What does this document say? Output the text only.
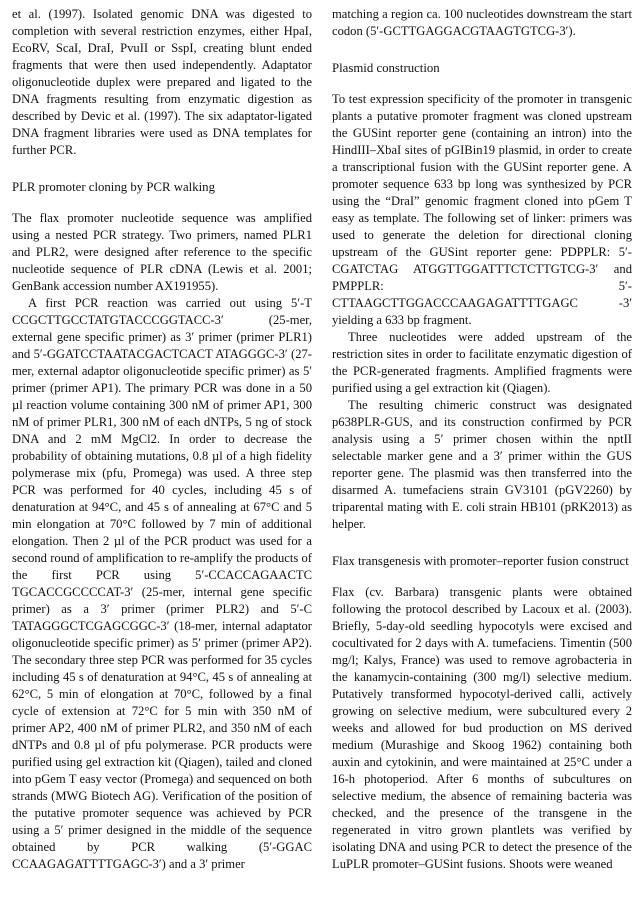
et al. (1997). Isolated genomic DNA was digested to completion with several restriction enzymes, either HpaI, EcoRV, ScaI, DraI, PvuII or SspI, creating blunt ended fragments that were then used independently. Adaptator oligonucleotide duplex were prepared and ligated to the DNA fragments resulting from enzymatic digestion as described by Devic et al. (1997). The six adaptator-ligated DNA fragment libraries were used as DNA templates for further PCR.

PLR promoter cloning by PCR walking

The flax promoter nucleotide sequence was amplified using a nested PCR strategy. Two primers, named PLR1 and PLR2, were designed after reference to the specific nucleotide sequence of PLR cDNA (Lewis et al. 2001; GenBank accession number AX191955).

A first PCR reaction was carried out using 5′-T CCGCTTGCCTATGTACCCGGTACC-3′ (25-mer, external gene specific primer) as 3′ primer (primer PLR1) and 5′-GGATCCTAATACGACTCACT ATAGGGC-3′ (27-mer, external adaptor oligonucleotide specific primer) as 5′ primer (primer AP1). The primary PCR was done in a 50 µl reaction volume containing 300 nM of primer AP1, 300 nM of primer PLR1, 300 nM of each dNTPs, 5 ng of stock DNA and 2 mM MgCl2. In order to decrease the probability of obtaining mutations, 0.8 µl of a high fidelity polymerase mix (pfu, Promega) was used. A three step PCR was performed for 40 cycles, including 45 s of denaturation at 94°C, and 45 s of annealing at 67°C and 5 min elongation at 70°C followed by 7 min of additional elongation. Then 2 µl of the PCR product was used for a second round of amplification to re-amplify the products of the first PCR using 5′-CCACCAGAACTC TGCACCGCCCCAT-3′ (25-mer, internal gene specific primer) as a 3′ primer (primer PLR2) and 5′-C TATAGGGCTCGAGCGGC-3′ (18-mer, internal adaptator oligonucleotide specific primer) as 5′ primer (primer AP2). The secondary three step PCR was performed for 35 cycles including 45 s of denaturation at 94°C, 45 s of annealing at 62°C, 5 min of elongation at 70°C, followed by a final cycle of extension at 72°C for 5 min with 350 nM of primer AP2, 400 nM of primer PLR2, and 350 nM of each dNTPs and 0.8 µl of pfu polymerase. PCR products were purified using gel extraction kit (Qiagen), tailed and cloned into pGem T easy vector (Promega) and sequenced on both strands (MWG Biotech AG). Verification of the position of the putative promoter sequence was achieved by PCR using a 5′ primer designed in the middle of the sequence obtained by PCR walking (5′-GGAC CCAAGAGATTTTGAGC-3′) and a 3′ primer

matching a region ca. 100 nucleotides downstream the start codon (5′-GCTTGAGGACGTAAGTGTCG-3′).

Plasmid construction

To test expression specificity of the promoter in transgenic plants a putative promoter fragment was cloned upstream the GUSint reporter gene (containing an intron) into the HindIII–XbaI sites of pGIBin19 plasmid, in order to create a transcriptional fusion with the GUSint reporter gene. A promoter sequence 633 bp long was synthesized by PCR using the “DraI” genomic fragment cloned into pGem T easy as template. The following set of linker: primers was used to generate the deletion for directional cloning upstream of the GUSint reporter gene: PDPPLR: 5′-CGATCTAG ATGGTTGGATTTCTCTTGTCG-3′ and PMPPLR: 5′-CTTAAGCTTGGACCCAAGAGATTTTGAGC -3′ yielding a 633 bp fragment.

Three nucleotides were added upstream of the restriction sites in order to facilitate enzymatic digestion of the PCR-generated fragments. Amplified fragments were purified using a gel extraction kit (Qiagen).

The resulting chimeric construct was designated p638PLR-GUS, and its construction confirmed by PCR analysis using a 5′ primer chosen within the nptII selectable marker gene and a 3′ primer within the GUS reporter gene. The plasmid was then transferred into the disarmed A. tumefaciens strain GV3101 (pGV2260) by triparental mating with E. coli strain HB101 (pRK2013) as helper.

Flax transgenesis with promoter–reporter fusion construct

Flax (cv. Barbara) transgenic plants were obtained following the protocol described by Lacoux et al. (2003). Briefly, 5-day-old seedling hypocotyls were excised and cocultivated for 2 days with A. tumefaciens. Timentin (500 mg/l; Kalys, France) was used to remove agrobacteria in the kanamycin-containing (300 mg/l) selective medium. Putatively transformed hypocotyl-derived calli, actively growing on selective medium, were subcultured every 2 weeks and allowed for bud production on MS derived medium (Murashige and Skoog 1962) containing both auxin and cytokinin, and were maintained at 25°C under a 16-h photoperiod. After 6 months of subcultures on selective medium, the absence of remaining bacteria was checked, and the presence of the transgene in the regenerated in vitro grown plantlets was verified by isolating DNA and using PCR to detect the presence of the LuPLR promoter–GUSint fusions. Shoots were weaned
